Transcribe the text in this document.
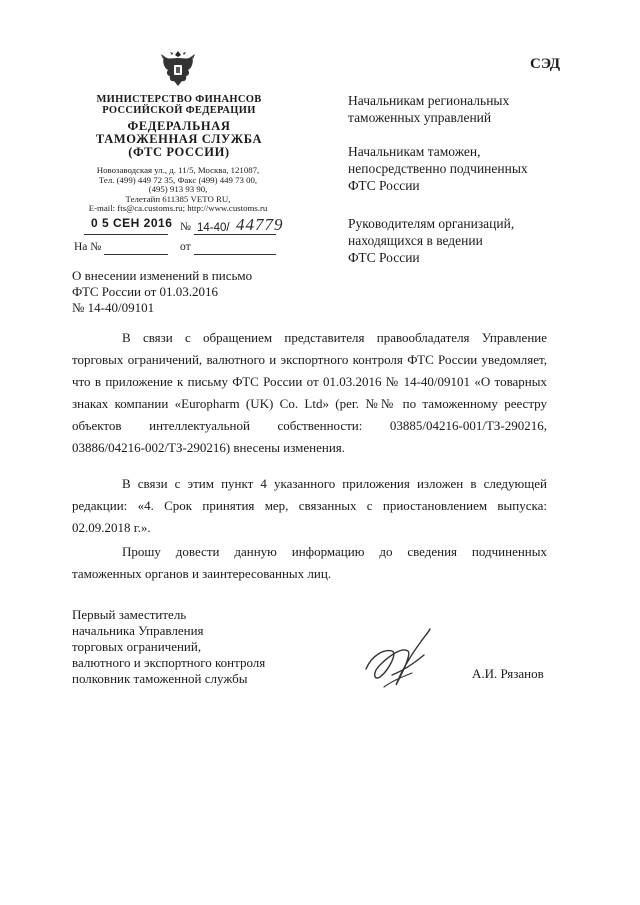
СЭД
МИНИСТЕРСТВО ФИНАНСОВ
РОССИЙСКОЙ ФЕДЕРАЦИИ
ФЕДЕРАЛЬНАЯ
ТАМОЖЕННАЯ СЛУЖБА
(ФТС РОССИИ)
Новозаводская ул., д. 11/5, Москва, 121087,
Тел. (499) 449 72 35, Факс (499) 449 73 00,
(495) 913 93 90,
Телетайп 611385 VETO RU,
E-mail: fts@ca.customs.ru; http://www.customs.ru
0 5 СЕН 2016 № 14-40/ 44779
На №	от
О внесении изменений в письмо
ФТС России от 01.03.2016
№ 14-40/09101
Начальникам региональных
таможенных управлений
Начальникам таможен,
непосредственно подчиненных
ФТС России
Руководителям организаций,
находящихся в ведении
ФТС России
В связи с обращением представителя правообладателя Управление торговых ограничений, валютного и экспортного контроля ФТС России уведомляет, что в приложение к письму ФТС России от 01.03.2016 № 14-40/09101 «О товарных знаках компании «Europharm (UK) Co. Ltd» (рег. №№ по таможенному реестру объектов интеллектуальной собственности: 03885/04216-001/ТЗ-290216, 03886/04216-002/ТЗ-290216) внесены изменения.
В связи с этим пункт 4 указанного приложения изложен в следующей редакции: «4. Срок принятия мер, связанных с приостановлением выпуска: 02.09.2018 г.».
Прошу довести данную информацию до сведения подчиненных таможенных органов и заинтересованных лиц.
Первый заместитель
начальника Управления
торговых ограничений,
валютного и экспортного контроля
полковник таможенной службы	А.И. Рязанов
